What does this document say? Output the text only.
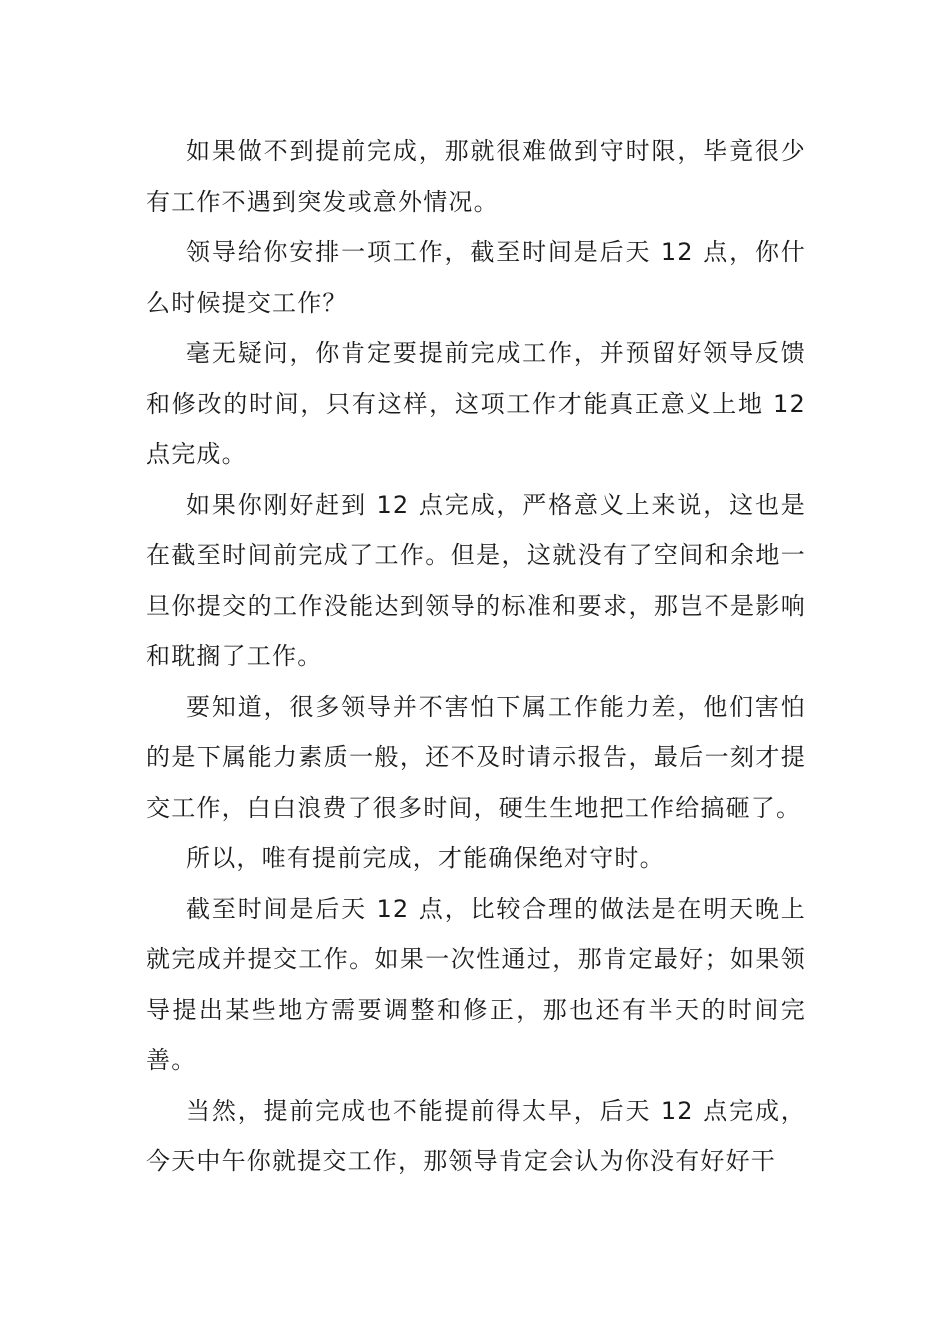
如果做不到提前完成，那就很难做到守时限，毕竟很少有工作不遇到突发或意外情况。

领导给你安排一项工作，截至时间是后天 12 点，你什么时候提交工作？

毫无疑问，你肯定要提前完成工作，并预留好领导反馈和修改的时间，只有这样，这项工作才能真正意义上地 12 点完成。

如果你刚好赶到 12 点完成，严格意义上来说，这也是在截至时间前完成了工作。但是，这就没有了空间和余地一旦你提交的工作没能达到领导的标准和要求，那岂不是影响和耽搁了工作。

要知道，很多领导并不害怕下属工作能力差，他们害怕的是下属能力素质一般，还不及时请示报告，最后一刻才提交工作，白白浪费了很多时间，硬生生地把工作给搞砸了。

所以，唯有提前完成，才能确保绝对守时。

截至时间是后天 12 点，比较合理的做法是在明天晚上就完成并提交工作。如果一次性通过，那肯定最好；如果领导提出某些地方需要调整和修正，那也还有半天的时间完善。

当然，提前完成也不能提前得太早，后天 12 点完成，今天中午你就提交工作，那领导肯定会认为你没有好好干
